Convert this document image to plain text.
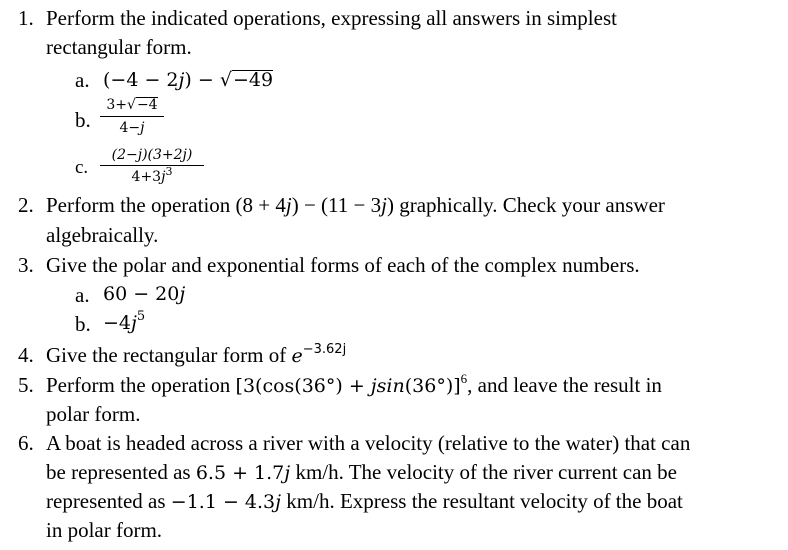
1. Perform the indicated operations, expressing all answers in simplest
rectangular form.
a. (−4 − 2j) − √−49
b.
3+√−4
4−j
c.
(2−j)(3+2j)
$4+3j^3$
2. Perform the operation (8 + 4j) − (11 − 3j) graphically. Check your answer
algebraically.
3. Give the polar and exponential forms of each of the complex numbers.
a. 60 − 20j
b. $-4j^5$
4. Give the rectangular form of $e^{-3.62j}$
5. Perform the operation [$3(\cos(36^\circ) + jsin(36^\circ)]^6$, and leave the result in
polar form.
6. A boat is headed across a river with a velocity (relative to the water) that can
be represented as 6.5 + 1.7j km/h. The velocity of the river current can be
represented as −1.1 − 4.3j km/h. Express the resultant velocity of the boat
in polar form.
